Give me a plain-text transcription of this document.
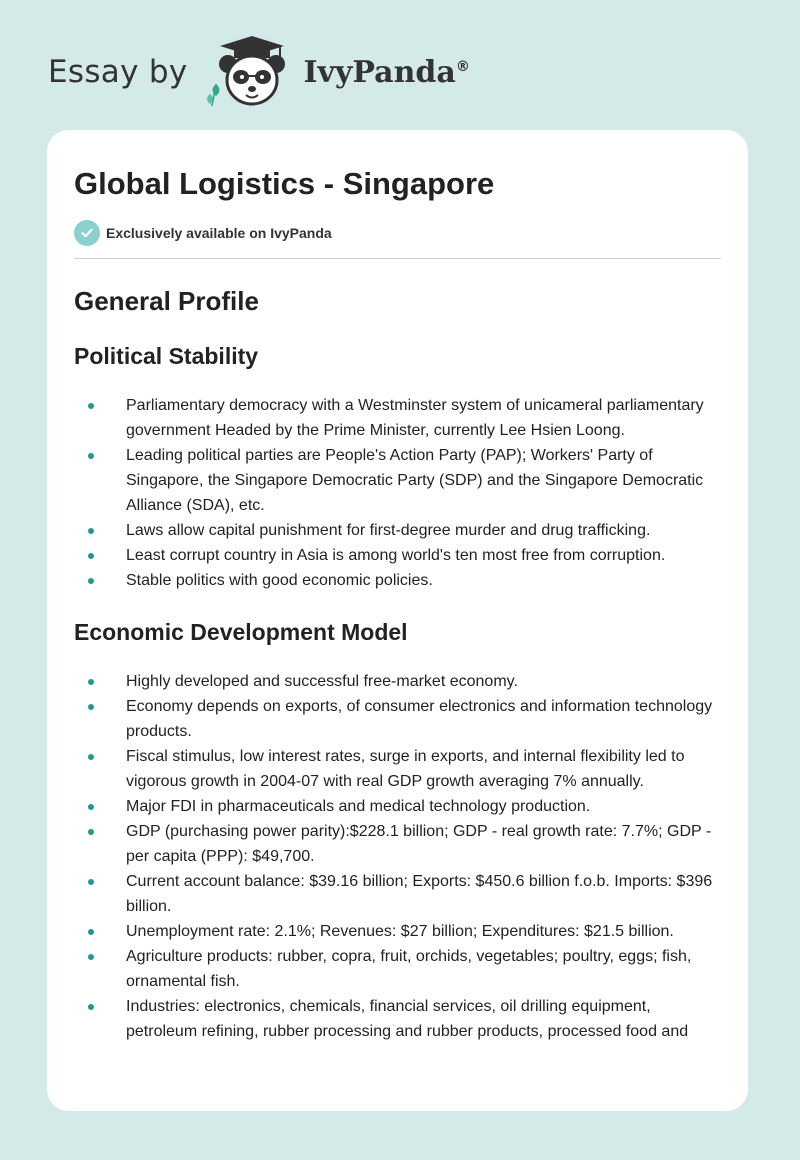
Essay by	IvyPanda®
Global Logistics - Singapore
Exclusively available on IvyPanda
General Profile
Political Stability
Parliamentary democracy with a Westminster system of unicameral parliamentary government Headed by the Prime Minister, currently Lee Hsien Loong.
Leading political parties are People's Action Party (PAP); Workers' Party of Singapore, the Singapore Democratic Party (SDP) and the Singapore Democratic Alliance (SDA), etc.
Laws allow capital punishment for first-degree murder and drug trafficking.
Least corrupt country in Asia is among world's ten most free from corruption.
Stable politics with good economic policies.
Economic Development Model
Highly developed and successful free-market economy.
Economy depends on exports, of consumer electronics and information technology products.
Fiscal stimulus, low interest rates, surge in exports, and internal flexibility led to vigorous growth in 2004-07 with real GDP growth averaging 7% annually.
Major FDI in pharmaceuticals and medical technology production.
GDP (purchasing power parity):$228.1 billion; GDP - real growth rate: 7.7%; GDP - per capita (PPP): $49,700.
Current account balance: $39.16 billion; Exports: $450.6 billion f.o.b. Imports: $396 billion.
Unemployment rate: 2.1%; Revenues: $27 billion; Expenditures: $21.5 billion.
Agriculture products: rubber, copra, fruit, orchids, vegetables; poultry, eggs; fish, ornamental fish.
Industries: electronics, chemicals, financial services, oil drilling equipment, petroleum refining, rubber processing and rubber products, processed food and
